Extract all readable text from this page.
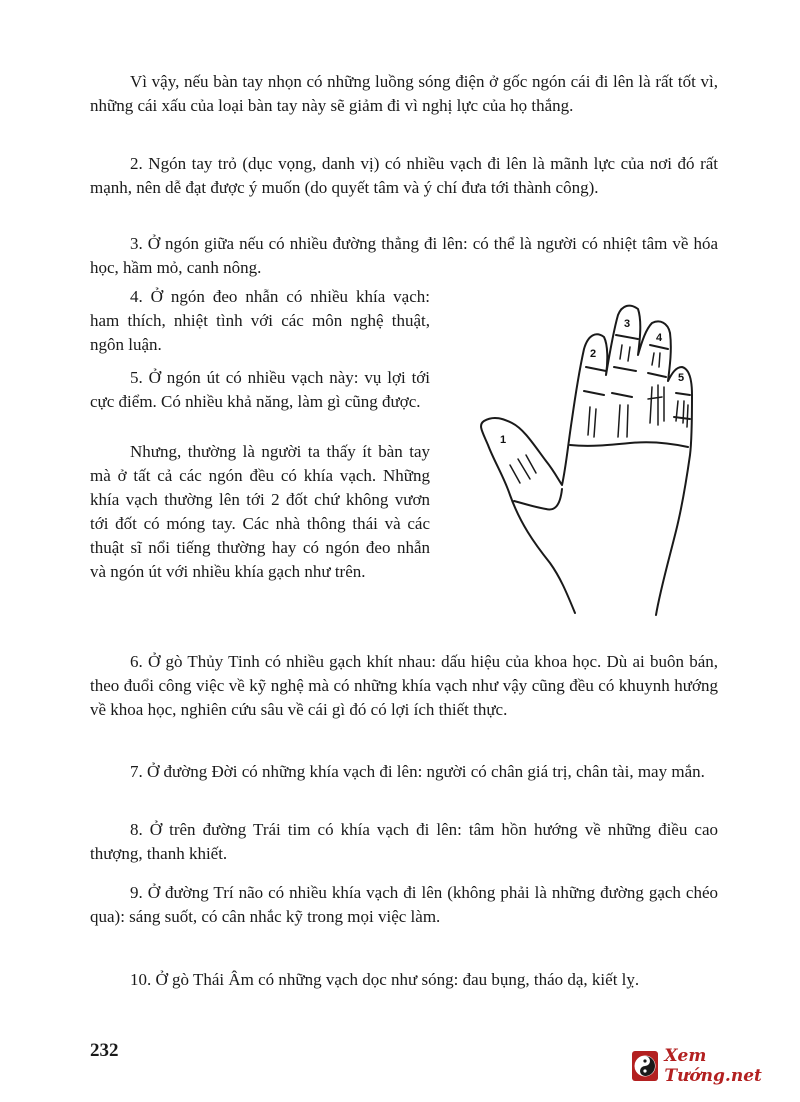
Vì vậy, nếu bàn tay nhọn có những luồng sóng điện ở gốc ngón cái đi lên là rất tốt vì, những cái xấu của loại bàn tay này sẽ giảm đi vì nghị lực của họ thắng.

2. Ngón tay trỏ (dục vọng, danh vị) có nhiều vạch đi lên là mãnh lực của nơi đó rất mạnh, nên dễ đạt được ý muốn (do quyết tâm và ý chí đưa tới thành công).

3. Ở ngón giữa nếu có nhiều đường thẳng đi lên: có thể là người có nhiệt tâm về hóa học, hầm mỏ, canh nông.

4. Ở ngón đeo nhẫn có nhiều khía vạch: ham thích, nhiệt tình với các môn nghệ thuật, ngôn luận.

5. Ở ngón út có nhiều vạch này: vụ lợi tới cực điểm. Có nhiều khả năng, làm gì cũng được.

Nhưng, thường là người ta thấy ít bàn tay mà ở tất cả các ngón đều có khía vạch. Những khía vạch thường lên tới 2 đốt chứ không vươn tới đốt có móng tay. Các nhà thông thái và các thuật sĩ nổi tiếng thường hay có ngón đeo nhẫn và ngón út với nhiều khía gạch như trên.

1
2
3
4
5

6. Ở gò Thủy Tinh có nhiều gạch khít nhau: dấu hiệu của khoa học. Dù ai buôn bán, theo đuổi công việc về kỹ nghệ mà có những khía vạch như vậy cũng đều có khuynh hướng về khoa học, nghiên cứu sâu về cái gì đó có lợi ích thiết thực.

7. Ở đường Đời có những khía vạch đi lên: người có chân giá trị, chân tài, may mắn.

8. Ở trên đường Trái tim có khía vạch đi lên: tâm hồn hướng về những điều cao thượng, thanh khiết.

9. Ở đường Trí não có nhiều khía vạch đi lên (không phải là những đường gạch chéo qua): sáng suốt, có cân nhắc kỹ trong mọi việc làm.

10. Ở gò Thái Âm có những vạch dọc như sóng: đau bụng, tháo dạ, kiết lỵ.

232	Xem Tướng.net
